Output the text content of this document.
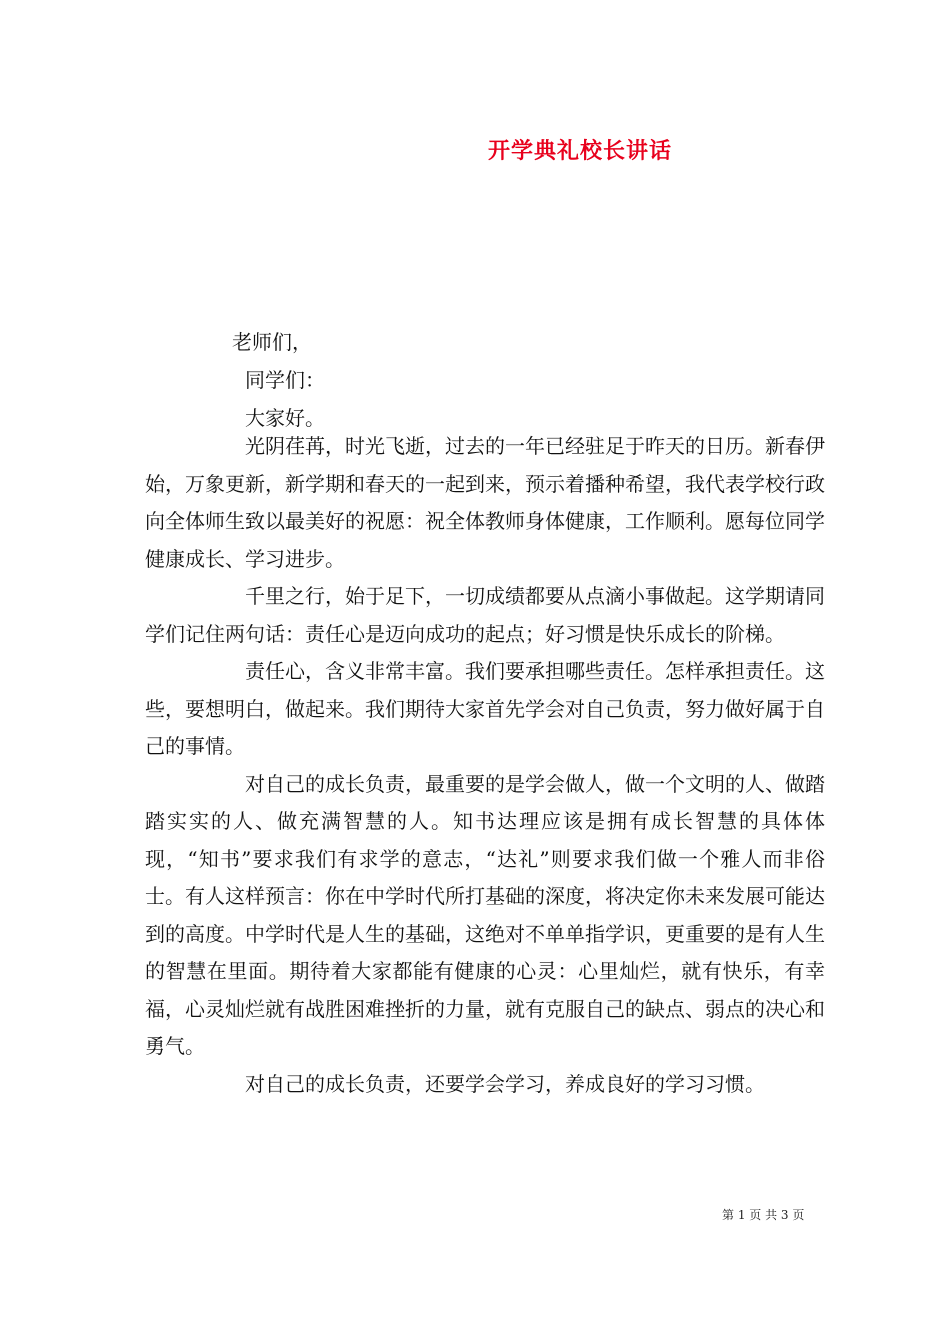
开学典礼校长讲话
老师们，
同学们：
大家好。

光阴荏苒，时光飞逝，过去的一年已经驻足于昨天的日历。新春伊始，万象更新，新学期和春天的一起到来，预示着播种希望，我代表学校行政向全体师生致以最美好的祝愿：祝全体教师身体健康，工作顺利。愿每位同学健康成长、学习进步。

千里之行，始于足下，一切成绩都要从点滴小事做起。这学期请同学们记住两句话：责任心是迈向成功的起点；好习惯是快乐成长的阶梯。

责任心，含义非常丰富。我们要承担哪些责任。怎样承担责任。这些，要想明白，做起来。我们期待大家首先学会对自己负责，努力做好属于自己的事情。

对自己的成长负责，最重要的是学会做人，做一个文明的人、做踏踏实实的人、做充满智慧的人。知书达理应该是拥有成长智慧的具体体现，“知书”要求我们有求学的意志，“达礼”则要求我们做一个雅人而非俗士。有人这样预言：你在中学时代所打基础的深度，将决定你未来发展可能达到的高度。中学时代是人生的基础，这绝对不单单指学识，更重要的是有人生的智慧在里面。期待着大家都能有健康的心灵：心里灿烂，就有快乐，有幸福，心灵灿烂就有战胜困难挫折的力量，就有克服自己的缺点、弱点的决心和勇气。

对自己的成长负责，还要学会学习，养成良好的学习习惯。

第 1 页 共 3 页
